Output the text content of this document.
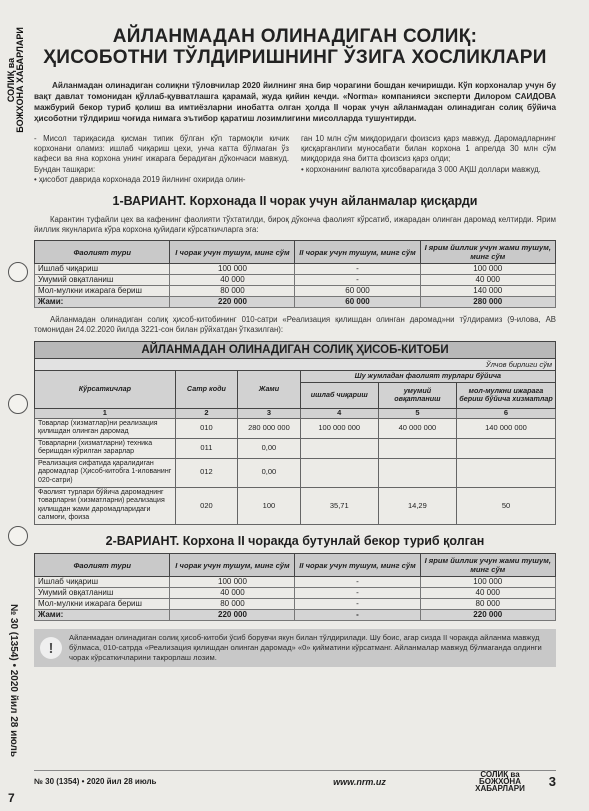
СОЛИҚ ва
БОЖХОНА ХАБАРЛАРИ
№ 30 (1354) • 2020 йил 28 июль
7
АЙЛАНМАДАН ОЛИНАДИГАН СОЛИҚ:
ҲИСОБОТНИ ТЎЛДИРИШНИНГ ЎЗИГА ХОСЛИКЛАРИ

Айланмадан олинадиган солиқни тўловчилар 2020 йилнинг яна бир чорагини бошдан кечиришди. Кўп корхоналар учун бу вақт давлат томонидан қўллаб-қувватлашга қарамай, жуда қийин кечди. «Norma» компанияси эксперти Дилором САИДОВА мажбурий бекор туриб қолиш ва имтиёзларни инобатта олган ҳолда II чорак учун айланмадан олинадиган солиқ бўйича ҳисоботни тўлдириш чоғида нимага эътибор қаратиш лозимлигини мисолларда тушунтирди.

- Мисол тариқасида қисман типик бўлган кўп тармоқли кичик корхонани оламиз: ишлаб чиқариш цехи, унча катта бўлмаган ўз кафеси ва яна корхона унинг ижарага берадиган дўкончаси мавжуд. Бундан ташқари:

• ҳисобот даврида корхонада 2019 йилнинг охирида олин-

ган 10 млн сўм миқдоридаги фоизсиз қарз мавжуд. Даромадларнинг қисқарганлиги муносабати билан корхона 1 апрелда 30 млн сўм миқдорида яна битта фоизсиз қарз олди;

• корхонанинг валюта ҳисобварагида 3 000 АҚШ доллари мавжуд.

1-ВАРИАНТ. Корхонада II чорак учун айланмалар қисқарди

Карантин туфайли цех ва кафенинг фаолияти тўхтатилди, бироқ дўконча фаолият кўрсатиб, ижарадан олинган даромад келтирди. Ярим йиллик якунларига кўра корхона қуйидаги кўрсаткичларга эга:

Фаолият тури	I чорак учун тушум, минг сўм	II чорак учун тушум, минг сўм	I ярим йиллик учун жами тушум, минг сўм
Ишлаб чиқариш	100 000	-	100 000
Умумий овқатланиш	40 000	-	40 000
Мол-мулкни ижарага бериш	80 000	60 000	140 000
Жами:	220 000	60 000	280 000

Айланмадан олинадиган солиқ ҳисоб-китобининг 010-сатри «Реализация қилишдан олинган даромад»ни тўлдирамиз (9-илова, АВ томонидан 24.02.2020 йилда 3221-сон билан рўйхатдан ўтказилган):

АЙЛАНМАДАН ОЛИНАДИГАН СОЛИҚ ҲИСОБ-КИТОБИ
Ўлчов бирлиги сўм
Кўрсаткичлар	Сатр коди	Жами	Шу жумладан фаолият турлари бўйича		
			ишлаб чиқариш	умумий овқатланиш	мол-мулкни ижарага бериш бўйича хизматлар
1	2	3	4	5	6
Товарлар (хизматлар)ни реализация қилишдан олинган даромад	010	280 000 000	100 000 000	40 000 000	140 000 000
Товарларни (хизматларни) техника беришдан кўрилган зарарлар	011	0,00			
Реализация сифатида қаралидиган даромадлар (Ҳисоб-китобга 1-илованинг 020-сатри)	012	0,00			
Фаолият турлари бўйича даромаднинг товарларни (хизматларни) реализация қилишдан жами даромадларидаги салмоғи, фоиза	020	100	35,71	14,29	50
2-ВАРИАНТ. Корхона II чоракда бутунлай бекор туриб қолган
Фаолият тури	I чорак учун тушум, минг сўм	II чорак учун тушум, минг сўм	I ярим йиллик учун жами тушум, минг сўм
Ишлаб чиқариш	100 000	-	100 000
Умумий овқатланиш	40 000	-	40 000
Мол-мулкни ижарага бериш	80 000	-	80 000
Жами:	220 000	-	220 000
!

Айланмадан олинадиган солиқ ҳисоб-китоби ўсиб борувчи якун билан тўлдирилади. Шу боис, агар сизда II чоракда айланма мавжуд бўлмаса, 010-сатрда «Реализация қилишдан олинган даромад» «0» қийматини кўрсатманг. Айланмалар мавжуд бўлмаганда олдинги чорак кўрсаткичларини такрорлаш лозим.

№ 30 (1354) • 2020 йил 28 июль	www.nrm.uz
СОЛИҚ ва
БОЖХОНА ХАБАРЛАРИ	3
